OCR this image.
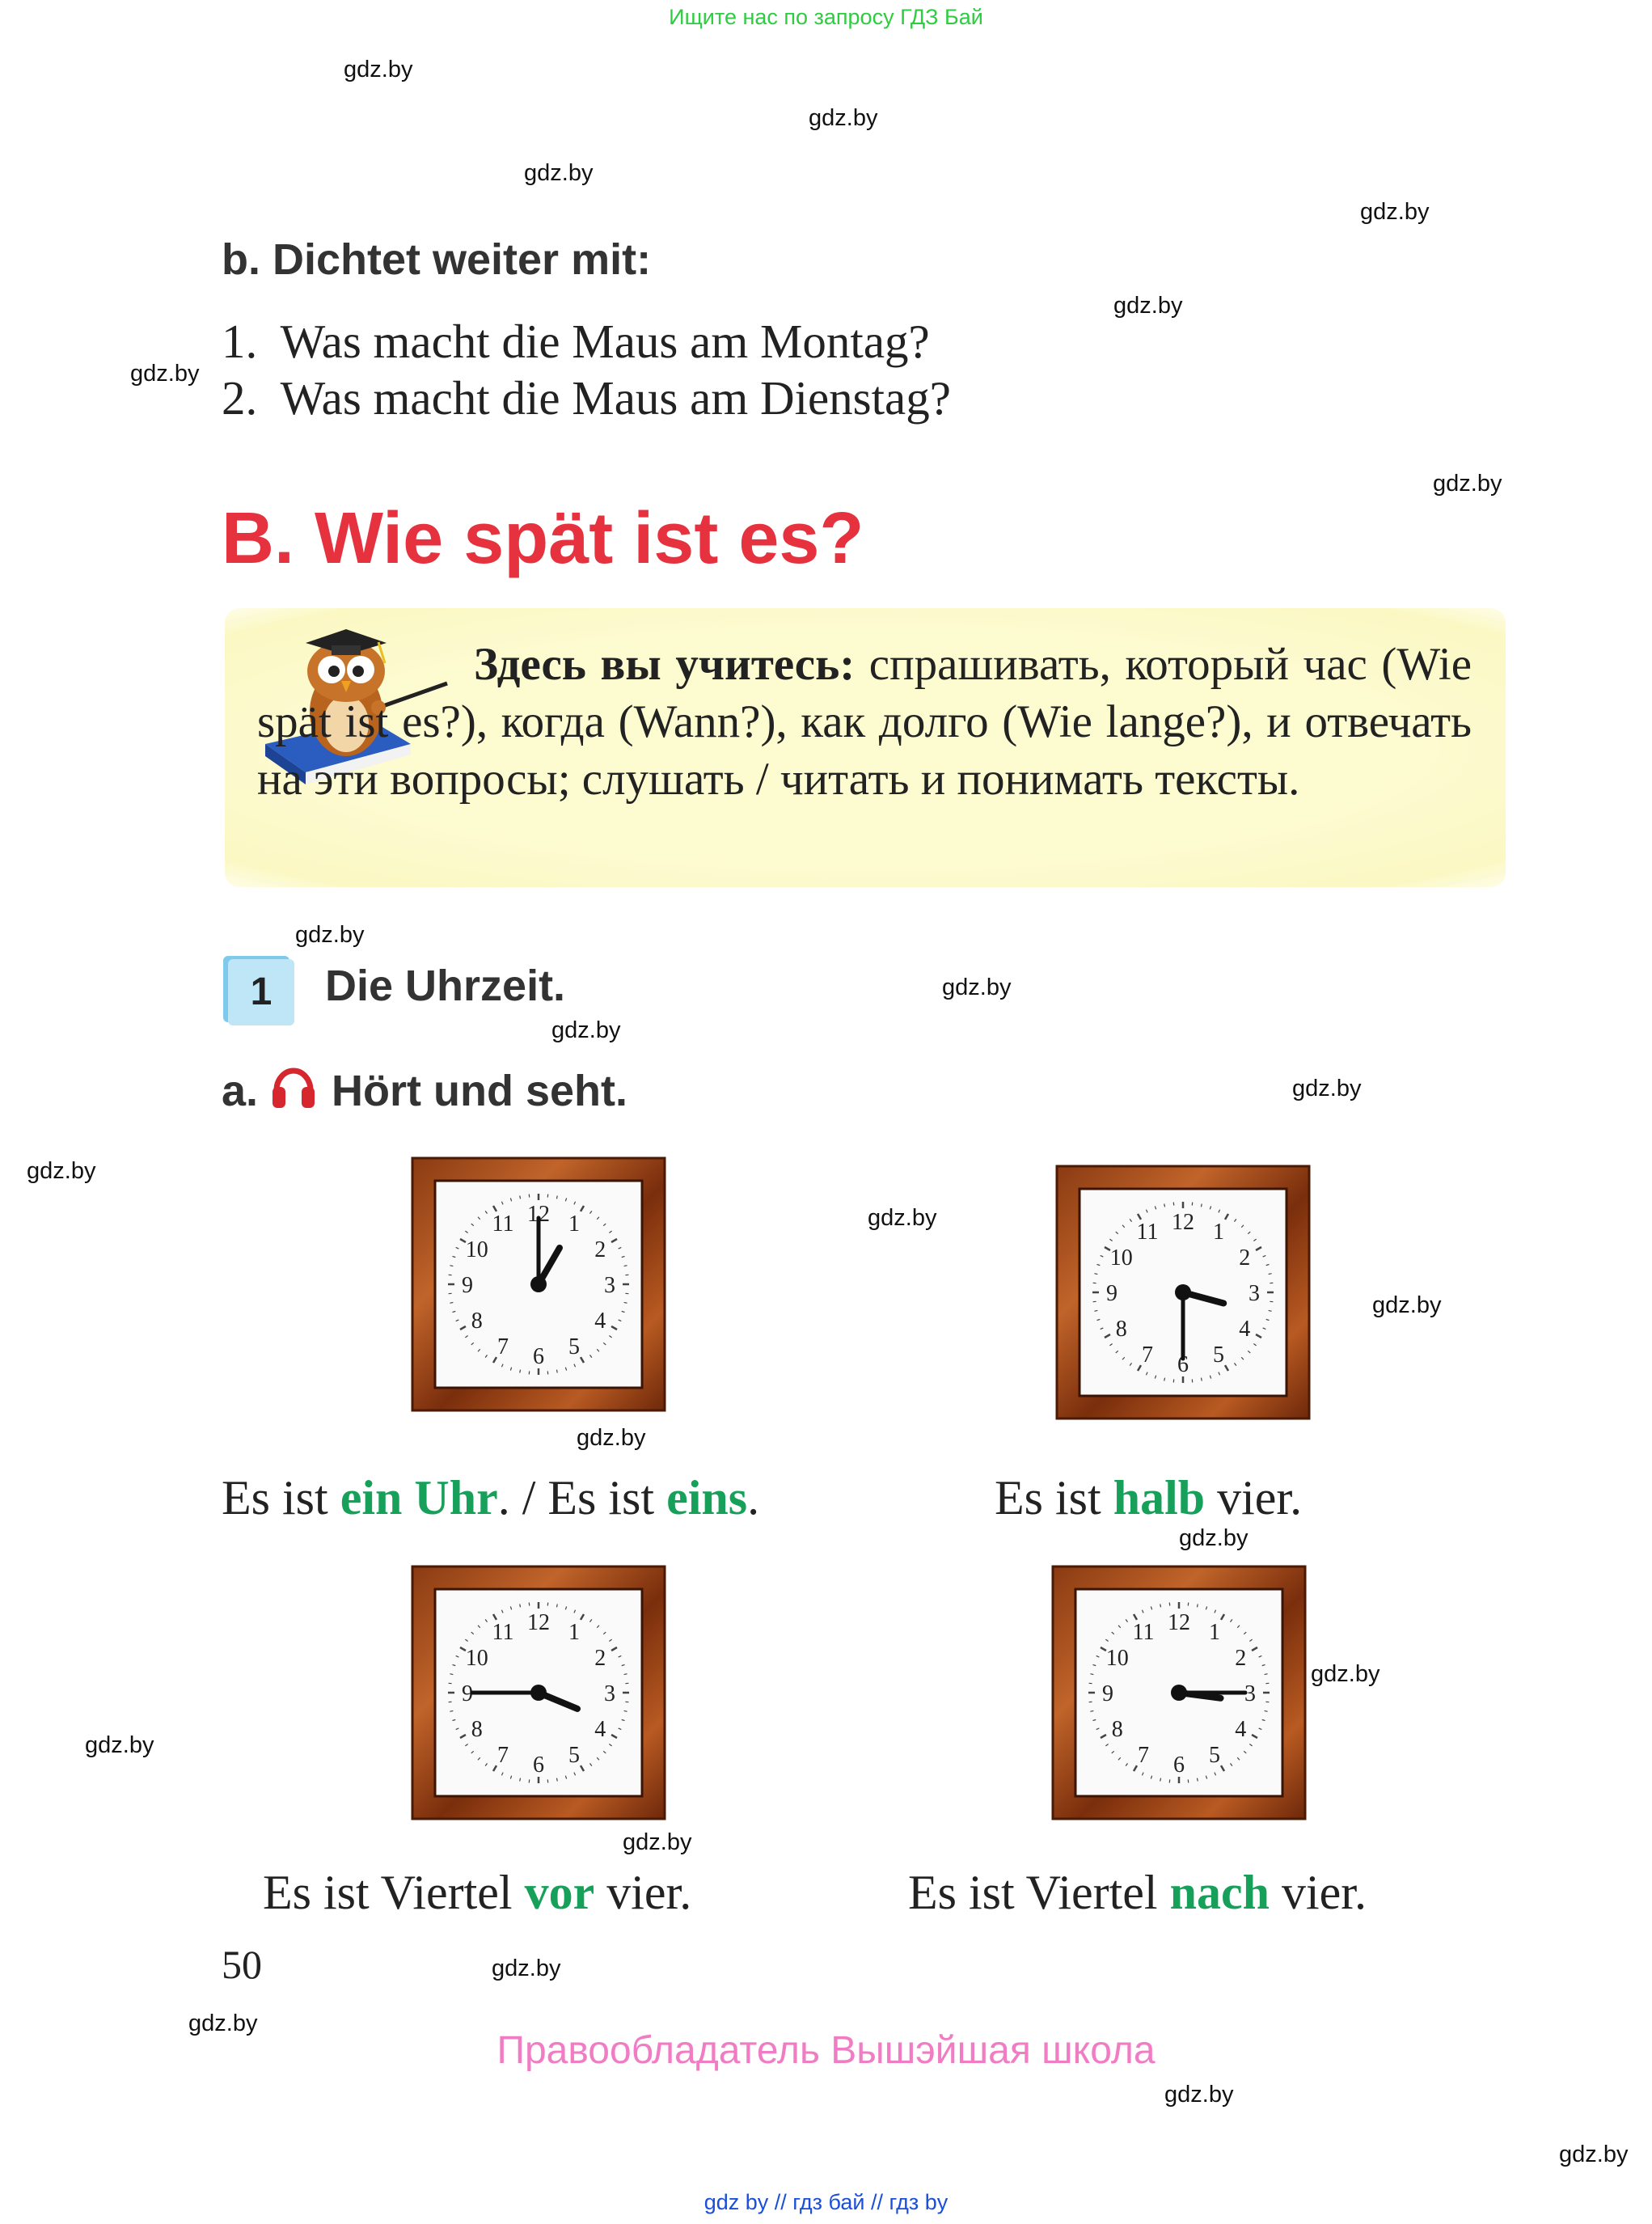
Ищите нас по запросу ГДЗ Бай
gdz.by
gdz.by
gdz.by
gdz.by
gdz.by
gdz.by
gdz.by
gdz.by
gdz.by
gdz.by
gdz.by
gdz.by
gdz.by
gdz.by
gdz.by
gdz.by
gdz.by
gdz.by
gdz.by
gdz.by
gdz.by
gdz.by
gdz.by
b. Dichtet weiter mit:
1.  Was macht die Maus am Montag?
2.  Was macht die Maus am Dienstag?
B. Wie spät ist es?
Здесь вы учитесь: спрашивать, который час (Wie spät ist es?), когда (Wann?), как долго (Wie lange?), и отвечать на эти вопросы; слушать / читать и понимать тексты.
1	Die Uhrzeit.
a. Hört und seht.
1
2
3
4
5
6
7
8
9
10
11 12
1
2
3
4
5
6
7
8
9
10
11 12
1
2
3
4
5
6
7
8
9
10
11 12	1
2
3
4
5
6
7
8
9
10
11 12
Es ist ein Uhr. / Es ist eins.	Es ist halb vier.
Es ist Viertel vor vier.	Es ist Viertel nach vier.
50
Правообладатель Вышэйшая школа
gdz by // гдз бай // гдз by
